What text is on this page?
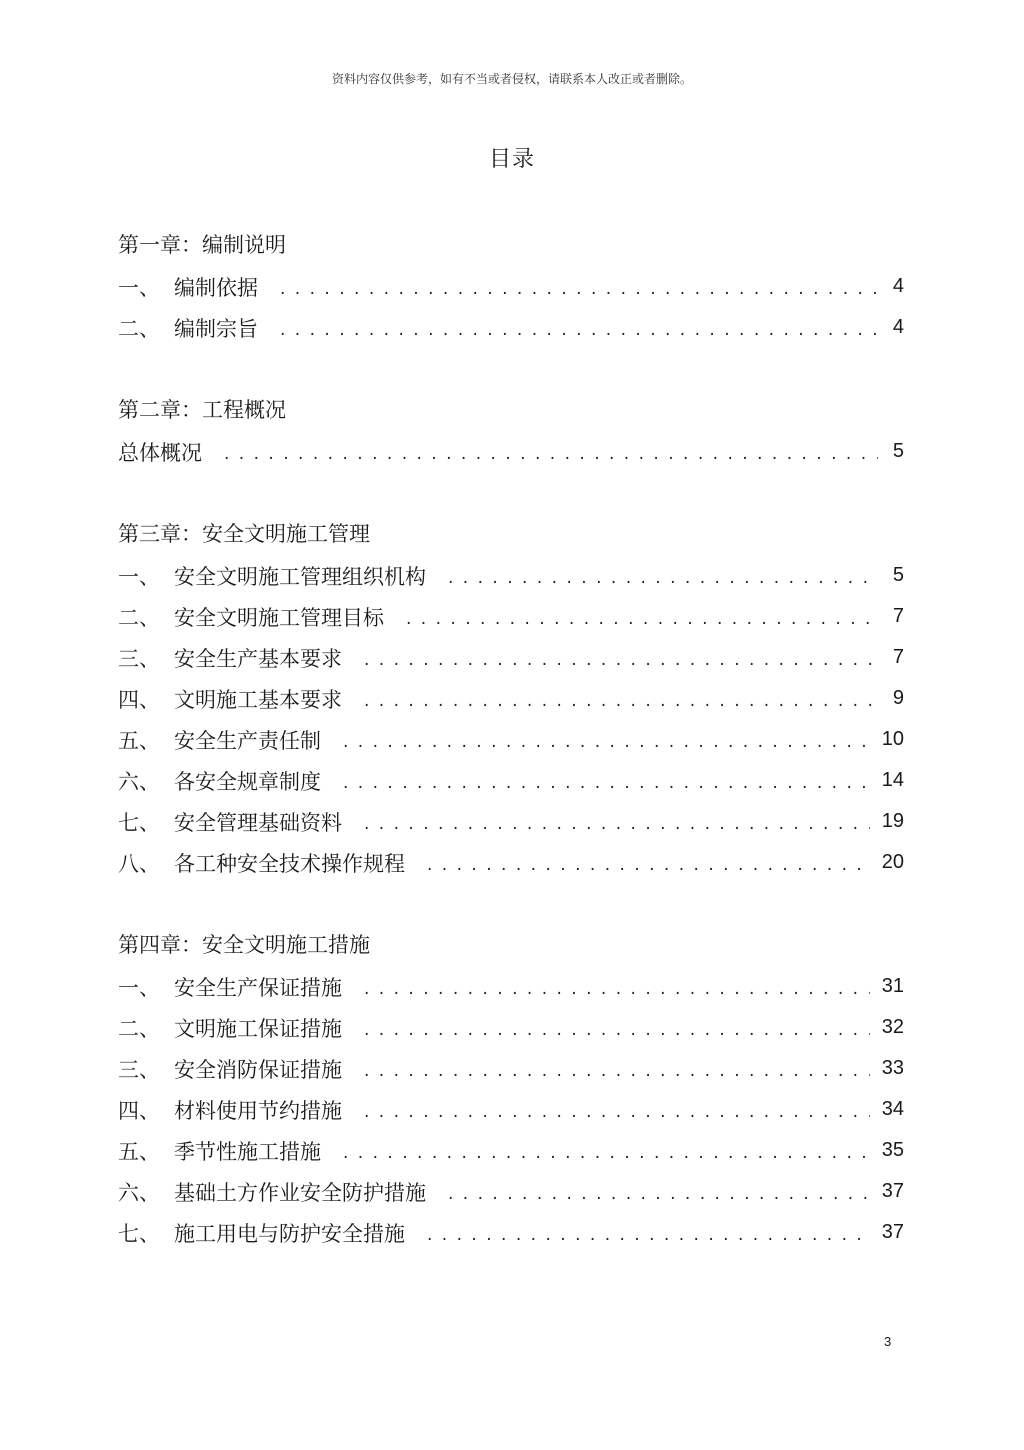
资料内容仅供参考，如有不当或者侵权，请联系本人改正或者删除。
目录
第一章：编制说明
一、 编制依据 . . .	4
二、 编制宗旨 . . .	4
第二章：工程概况
总体概况 . . .	5
第三章：安全文明施工管理
一、 安全文明施工管理组织机构 . . .	5
二、 安全文明施工管理目标 . . .	7
三、 安全生产基本要求 . . .	7
四、 文明施工基本要求 . . .	9
五、 安全生产责任制 . . .	10
六、 各安全规章制度 . . .	14
七、 安全管理基础资料 . . .	19
八、 各工种安全技术操作规程 . . .	20
第四章：安全文明施工措施
一、 安全生产保证措施 . . .	31
二、 文明施工保证措施 . . .	32
三、 安全消防保证措施 . . .	33
四、 材料使用节约措施 . . .	34
五、 季节性施工措施 . . .	35
六、 基础土方作业安全防护措施 . . .	37
七、 施工用电与防护安全措施 . . .	37
3
